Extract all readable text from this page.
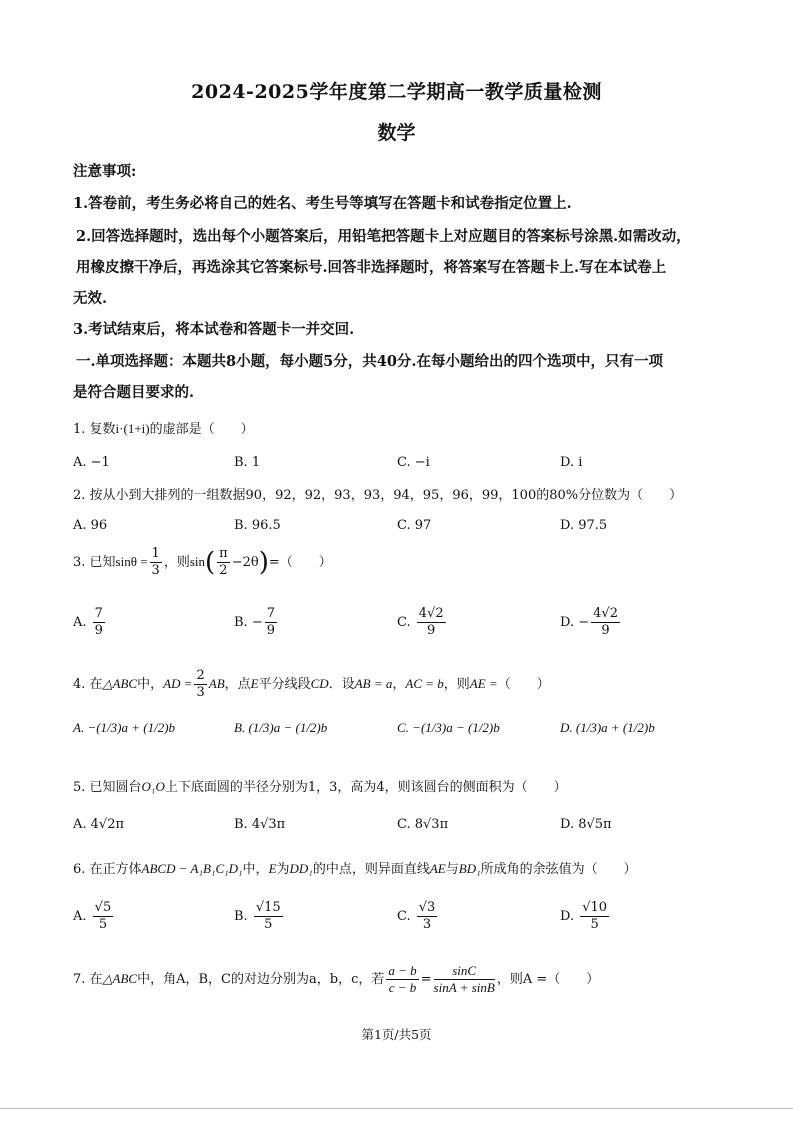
2024-2025学年度第二学期高一教学质量检测
数学
注意事项:
1.答卷前，考生务必将自己的姓名、考生号等填写在答题卡和试卷指定位置上.
2.回答选择题时，选出每个小题答案后，用铅笔把答题卡上对应题目的答案标号涂黑.如需改动，
用橡皮擦干净后，再选涂其它答案标号.回答非选择题时，将答案写在答题卡上.写在本试卷上
无效.
3.考试结束后，将本试卷和答题卡一并交回.
一.单项选择题：本题共8小题，每小题5分，共40分.在每小题给出的四个选项中，只有一项
是符合题目要求的.
1. 复数i·(1+i)的虚部是（　　）
A. −1	B. 1	C. −i	D. i
2. 按从小到大排列的一组数据90，92，92，93，93，94，95，96，99，100的80%分位数为（　　）
A. 96	B. 96.5	C. 97	D. 97.5
3. 已知$\sin\theta = \frac{1}{3}$ ，则$\sin( \frac{\pi}{2} -2\theta)=$（　　）
A. $\frac{7}{9}$	B. − $\frac{7}{9}$	C. $\frac{4√2}{9}$	D. − $\frac{4√2}{9}$
4. 在△ABC中，AD = $\frac{2}{3}$ AB，点E平分线段CD．设AB = a，AC = b，则AE =（　　）
A. −(1/3)a + (1/2)b	B. (1/3)a − (1/2)b	C. −(1/3)a − (1/2)b	D. (1/3)a + (1/2)b
5. 已知圆台O₁O上下底面圆的半径分别为1，3，高为4，则该圆台的侧面积为（　　）
A. 4√2π	B. 4√3π	C. 8√3π	D. 8√5π
6. 在正方体ABCD − A₁B₁C₁D₁中，E为DD₁的中点，则异面直线AE与BD₁所成角的余弦值为（　　）
A. $\frac{√5}{5}$	B. $\frac{√15}{5}$	C. $\frac{√3}{3}$	D. $\frac{√10}{5}$
7. 在△ABC中，角A，B，C的对边分别为a，b，c，若 $\frac{a - b}{c - b} = \frac{\sin C}{\sin A + \sin B}$ ，则A =（　　）
第1页/共5页
